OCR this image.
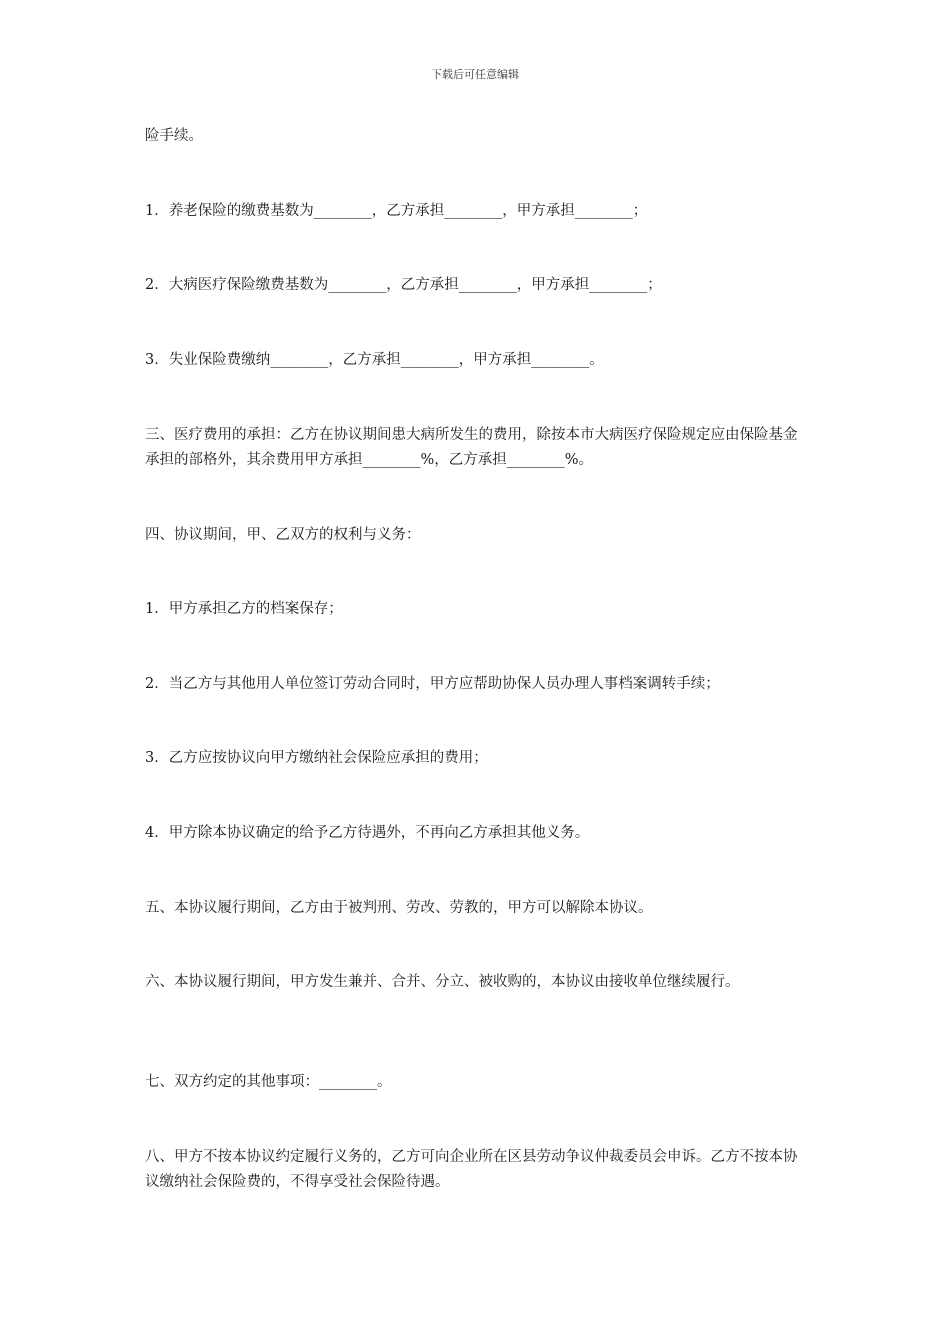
下载后可任意编辑
险手续。
1．养老保险的缴费基数为________，乙方承担________，甲方承担________；
2．大病医疗保险缴费基数为________，乙方承担________，甲方承担________；
3．失业保险费缴纳________，乙方承担________，甲方承担________。
三、医疗费用的承担：乙方在协议期间患大病所发生的费用，除按本市大病医疗保险规定应由保险基金承担的部格外，其余费用甲方承担________%，乙方承担________%。
四、协议期间，甲、乙双方的权利与义务：
1．甲方承担乙方的档案保存；
2．当乙方与其他用人单位签订劳动合同时，甲方应帮助协保人员办理人事档案调转手续；
3．乙方应按协议向甲方缴纳社会保险应承担的费用；
4．甲方除本协议确定的给予乙方待遇外，不再向乙方承担其他义务。
五、本协议履行期间，乙方由于被判刑、劳改、劳教的，甲方可以解除本协议。
六、本协议履行期间，甲方发生兼并、合并、分立、被收购的，本协议由接收单位继续履行。
七、双方约定的其他事项：________。
八、甲方不按本协议约定履行义务的，乙方可向企业所在区县劳动争议仲裁委员会申诉。乙方不按本协议缴纳社会保险费的，不得享受社会保险待遇。
